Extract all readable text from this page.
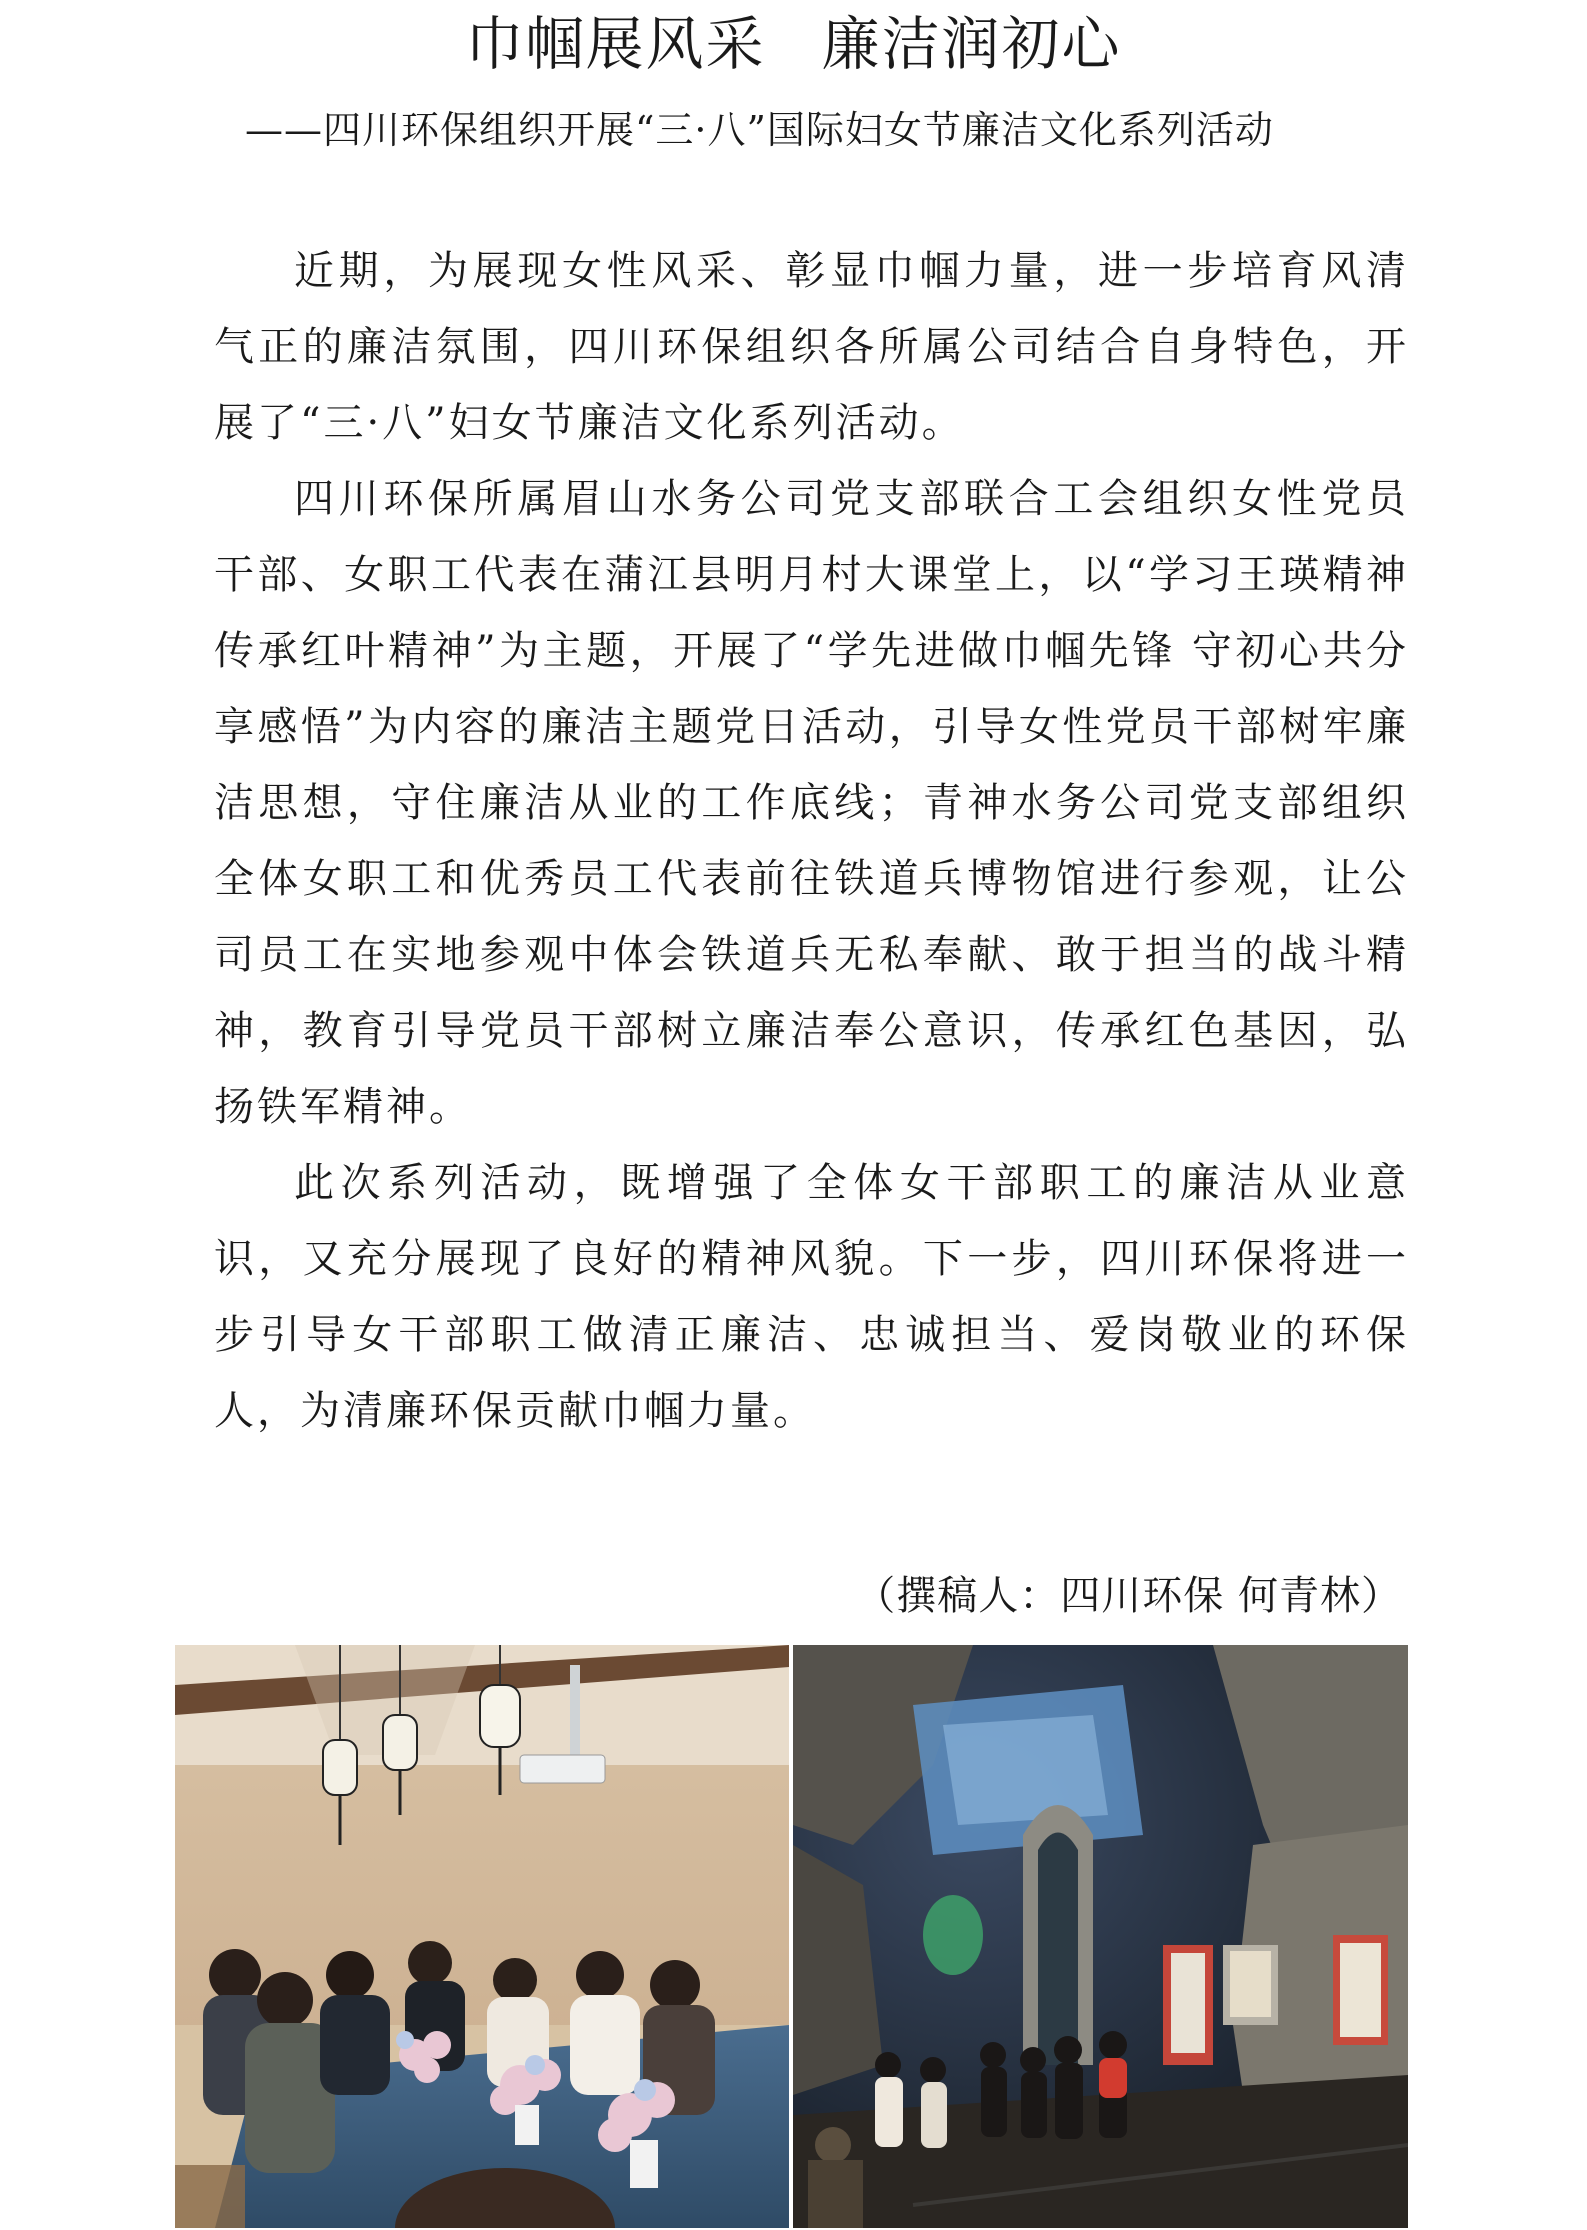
巾帼展风采 廉洁润初心
——四川环保组织开展“三·八”国际妇女节廉洁文化系列活动

近期，为展现女性风采、彰显巾帼力量，进一步培育风清气正的廉洁氛围，四川环保组织各所属公司结合自身特色，开展了“三·八”妇女节廉洁文化系列活动。

四川环保所属眉山水务公司党支部联合工会组织女性党员干部、女职工代表在蒲江县明月村大课堂上，以“学习王瑛精神传承红叶精神”为主题，开展了“学先进做巾帼先锋 守初心共分享感悟”为内容的廉洁主题党日活动，引导女性党员干部树牢廉洁思想，守住廉洁从业的工作底线；青神水务公司党支部组织全体女职工和优秀员工代表前往铁道兵博物馆进行参观，让公司员工在实地参观中体会铁道兵无私奉献、敢于担当的战斗精神，教育引导党员干部树立廉洁奉公意识，传承红色基因，弘扬铁军精神。

此次系列活动，既增强了全体女干部职工的廉洁从业意识，又充分展现了良好的精神风貌。下一步，四川环保将进一步引导女干部职工做清正廉洁、忠诚担当、爱岗敬业的环保人，为清廉环保贡献巾帼力量。

（撰稿人：四川环保 何青林）
